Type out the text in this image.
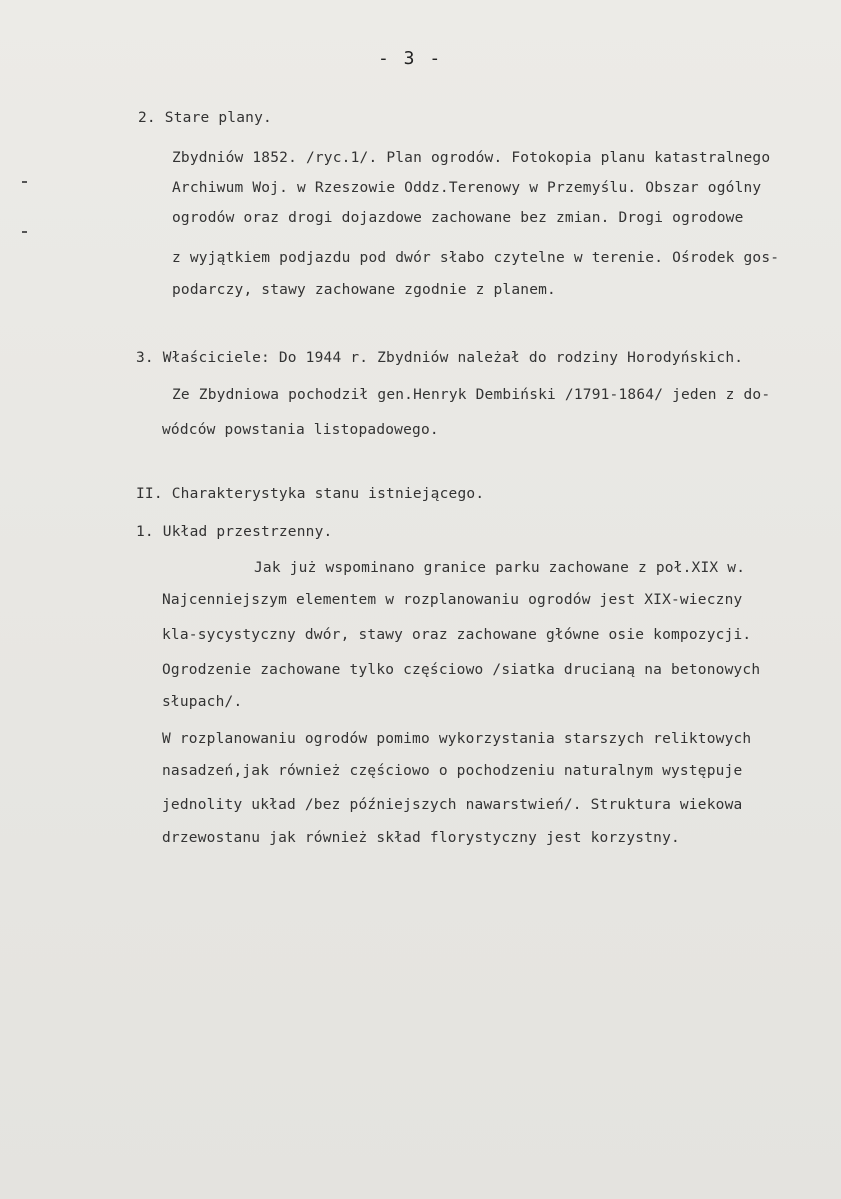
- 3 -
2. Stare plany.
Zbydniów 1852. /ryc.1/. Plan ogrodów. Fotokopia planu katastralnego
Archiwum Woj. w Rzeszowie Oddz.Terenowy w Przemyślu. Obszar ogólny
ogrodów oraz drogi dojazdowe zachowane bez zmian. Drogi ogrodowe
z wyjątkiem podjazdu pod dwór słabo czytelne w terenie. Ośrodek gos-
podarczy, stawy zachowane zgodnie z planem.
3. Właściciele: Do 1944 r. Zbydniów należał do rodziny Horodyńskich.
Ze Zbydniowa pochodził gen.Henryk Dembiński /1791-1864/ jeden z do-
wódców powstania listopadowego.
II. Charakterystyka stanu istniejącego.
1. Układ przestrzenny.
Jak już wspominano granice parku zachowane z poł.XIX w.
Najcenniejszym elementem w rozplanowaniu ogrodów jest XIX-wieczny
kla-sycystyczny dwór, stawy oraz zachowane główne osie kompozycji.
Ogrodzenie zachowane tylko częściowo /siatka drucianą na betonowych
słupach/.
W rozplanowaniu ogrodów pomimo wykorzystania starszych reliktowych
nasadzeń,jak również częściowo o pochodzeniu naturalnym występuje
jednolity układ /bez późniejszych nawarstwień/. Struktura wiekowa
drzewostanu jak również skład florystyczny jest korzystny.
